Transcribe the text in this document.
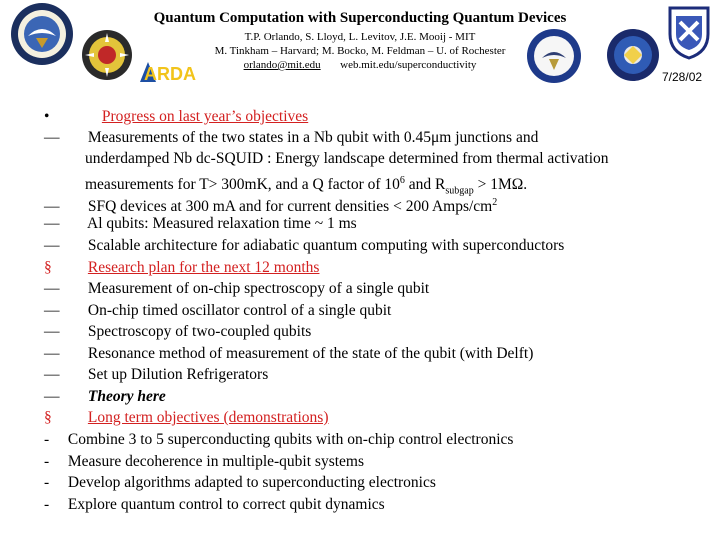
ARDA
Quantum Computation with Superconducting Quantum Devices
T.P. Orlando, S. Lloyd, L. Levitov, J.E. Mooij - MIT
M. Tinkham – Harvard; M. Bocko, M. Feldman – U. of Rochester
orlando@mit.edu web.mit.edu/superconductivity
7/28/02
•	Progress on last year’s objectives
— Measurements of the two states in a Nb qubit with 0.45μm junctions and
underdamped Nb dc-SQUID : Energy landscape determined from thermal activation
measurements for T> 300mK, and a Q factor of $10^6$ and $R_{subgap} > 1M\Omega$.
— SFQ devices at 300 mA and for current densities < 200 Amps/$cm^2$
— Al qubits: Measured relaxation time ~ 1 ms
— Scalable architecture for adiabatic quantum computing with superconductors
§ Research plan for the next 12 months
— Measurement of on-chip spectroscopy of a single qubit
— On-chip timed oscillator control of a single qubit
— Spectroscopy of two-coupled qubits
— Resonance method of measurement of the state of the qubit (with Delft)
— Set up Dilution Refrigerators
— Theory here
§ Long term objectives (demonstrations)
- Combine 3 to 5 superconducting qubits with on-chip control electronics
- Measure decoherence in multiple-qubit systems
- Develop algorithms adapted to superconducting electronics
- Explore quantum control to correct qubit dynamics
